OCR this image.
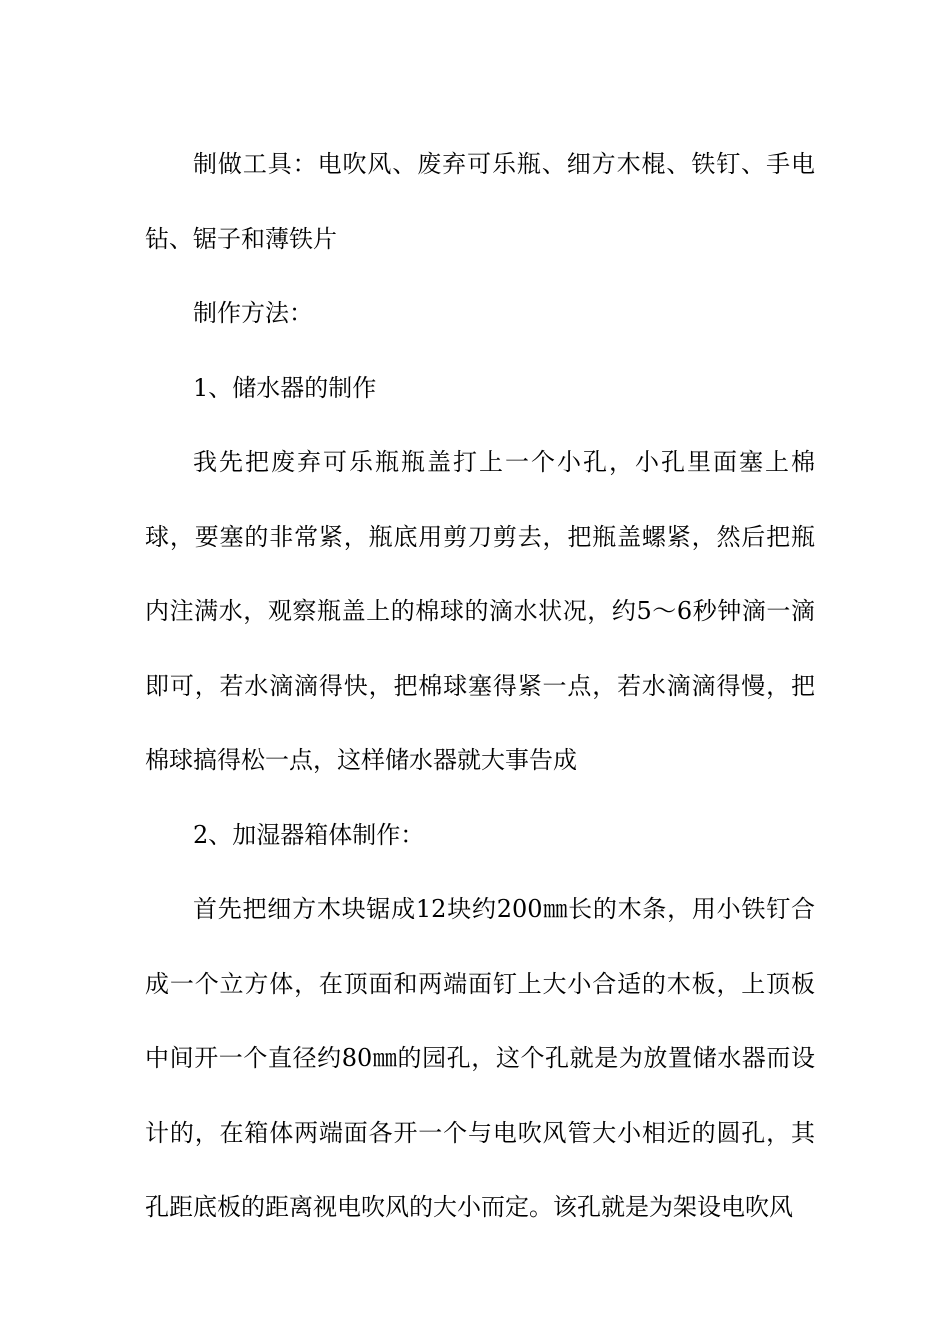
制做工具：电吹风、废弃可乐瓶、细方木棍、铁钉、手电钻、锯子和薄铁片

制作方法：

1、储水器的制作

我先把废弃可乐瓶瓶盖打上一个小孔，小孔里面塞上棉球，要塞的非常紧，瓶底用剪刀剪去，把瓶盖螺紧，然后把瓶内注满水，观察瓶盖上的棉球的滴水状况，约5～6秒钟滴一滴即可，若水滴滴得快，把棉球塞得紧一点，若水滴滴得慢，把棉球搞得松一点，这样储水器就大事告成

2、加湿器箱体制作：

首先把细方木块锯成12块约200㎜长的木条，用小铁钉合成一个立方体，在顶面和两端面钉上大小合适的木板，上顶板中间开一个直径约80㎜的园孔，这个孔就是为放置储水器而设计的，在箱体两端面各开一个与电吹风管大小相近的圆孔，其孔距底板的距离视电吹风的大小而定。该孔就是为架设电吹风
